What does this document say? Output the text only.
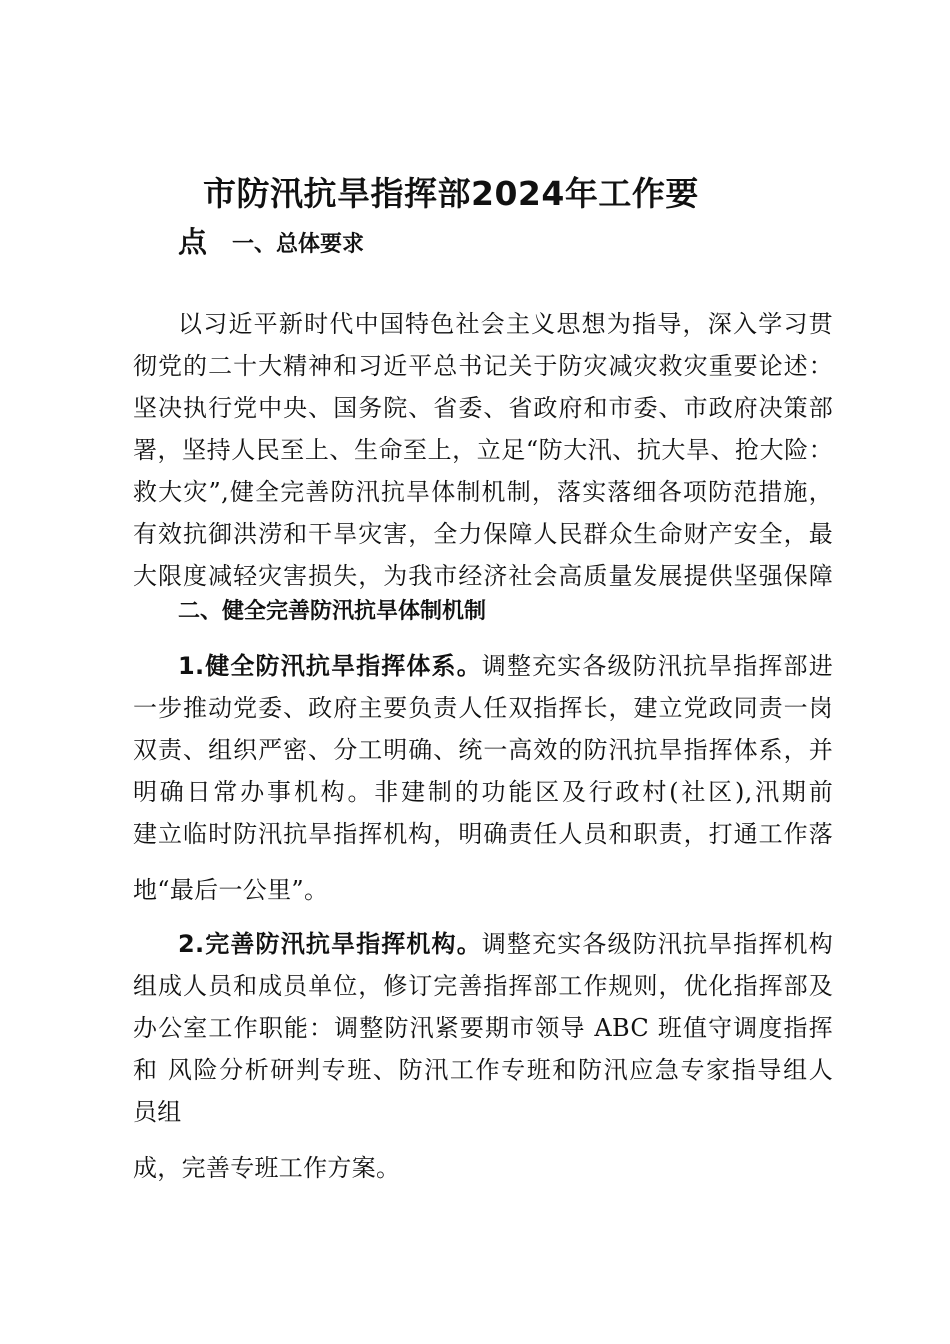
市防汛抗旱指挥部2024年工作要
点 一、总体要求
以习近平新时代中国特色社会主义思想为指导，深入学习贯
彻党的二十大精神和习近平总书记关于防灾减灾救灾重要论述：
坚决执行党中央、国务院、省委、省政府和市委、市政府决策部
署，坚持人民至上、生命至上，立足“防大汛、抗大旱、抢大险：
救大灾”,健全完善防汛抗旱体制机制，落实落细各项防范措施，
有效抗御洪涝和干旱灾害，全力保障人民群众生命财产安全，最
大限度减轻灾害损失，为我市经济社会高质量发展提供坚强保障
二、健全完善防汛抗旱体制机制
1.健全防汛抗旱指挥体系。调整充实各级防汛抗旱指挥部进
一步推动党委、政府主要负责人任双指挥长，建立党政同责一岗
双责、组织严密、分工明确、统一高效的防汛抗旱指挥体系，并
明确日常办事机构。非建制的功能区及行政村(社区),汛期前
建立临时防汛抗旱指挥机构，明确责任人员和职责，打通工作落
地“最后一公里”。
2.完善防汛抗旱指挥机构。调整充实各级防汛抗旱指挥机构
组成人员和成员单位，修订完善指挥部工作规则，优化指挥部及
办公室工作职能：调整防汛紧要期市领导 ABC 班值守调度指挥
和 风险分析研判专班、防汛工作专班和防汛应急专家指导组人
员组
成，完善专班工作方案。
